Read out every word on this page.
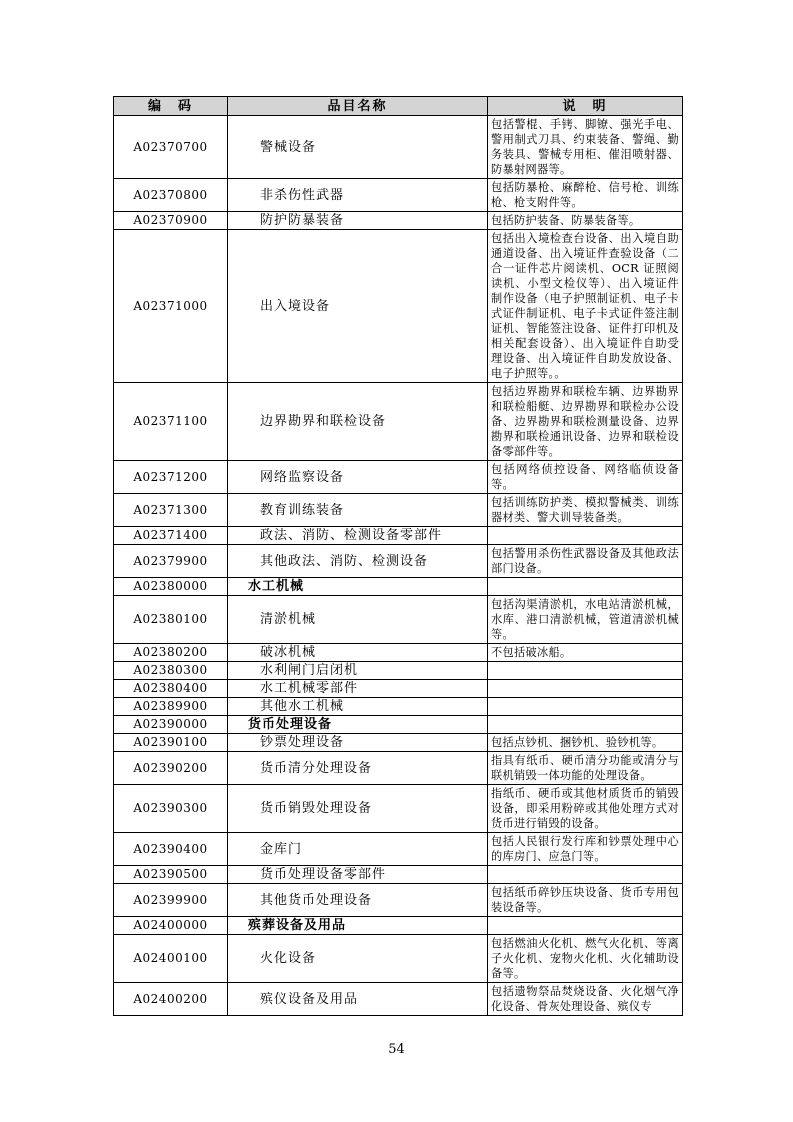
编　码	品目名称	说　明
A02370700	警械设备	包括警棍、手铐、脚镣、强光手电、警用制式刀具、约束装备、警绳、勤务装具、警械专用柜、催泪喷射器、防暴射网器等。
A02370800	非杀伤性武器	包括防暴枪、麻醉枪、信号枪、训练枪、枪支附件等。
A02370900	防护防暴装备	包括防护装备、防暴装备等。
A02371000	出入境设备	包括出入境检查台设备、出入境自助通道设备、出入境证件查验设备（二合一证件芯片阅读机、OCR 证照阅读机、小型文检仪等）、出入境证件制作设备（电子护照制证机、电子卡式证件制证机、电子卡式证件签注制证机、智能签注设备、证件打印机及相关配套设备）、出入境证件自助受理设备、出入境证件自助发放设备、电子护照等。。
A02371100	边界勘界和联检设备	包括边界勘界和联检车辆、边界勘界和联检船艇、边界勘界和联检办公设备、边界勘界和联检测量设备、边界勘界和联检通讯设备、边界和联检设备零部件等。
A02371200	网络监察设备	包括网络侦控设备、网络临侦设备等。
A02371300	教育训练装备	包括训练防护类、模拟警械类、训练器材类、警犬训导装备类。
A02371400	政法、消防、检测设备零部件	
A02379900	其他政法、消防、检测设备	包括警用杀伤性武器设备及其他政法部门设备。
A02380000	水工机械	
A02380100	清淤机械	包括沟渠清淤机，水电站清淤机械，水库、港口清淤机械，管道清淤机械等。
A02380200	破冰机械	不包括破冰船。
A02380300	水利闸门启闭机	
A02380400	水工机械零部件	
A02389900	其他水工机械	
A02390000	货币处理设备	
A02390100	钞票处理设备	包括点钞机、捆钞机、验钞机等。
A02390200	货币清分处理设备	指具有纸币、硬币清分功能或清分与联机销毁一体功能的处理设备。
A02390300	货币销毁处理设备	指纸币、硬币或其他材质货币的销毁设备，即采用粉碎或其他处理方式对货币进行销毁的设备。
A02390400	金库门	包括人民银行发行库和钞票处理中心的库房门、应急门等。
A02390500	货币处理设备零部件	
A02399900	其他货币处理设备	包括纸币碎钞压块设备、货币专用包装设备等。
A02400000	殡葬设备及用品	
A02400100	火化设备	包括燃油火化机、燃气火化机、等离子火化机、宠物火化机、火化辅助设备等。
A02400200	殡仪设备及用品	包括遗物祭品焚烧设备、火化烟气净化设备、骨灰处理设备、殡仪专
54
